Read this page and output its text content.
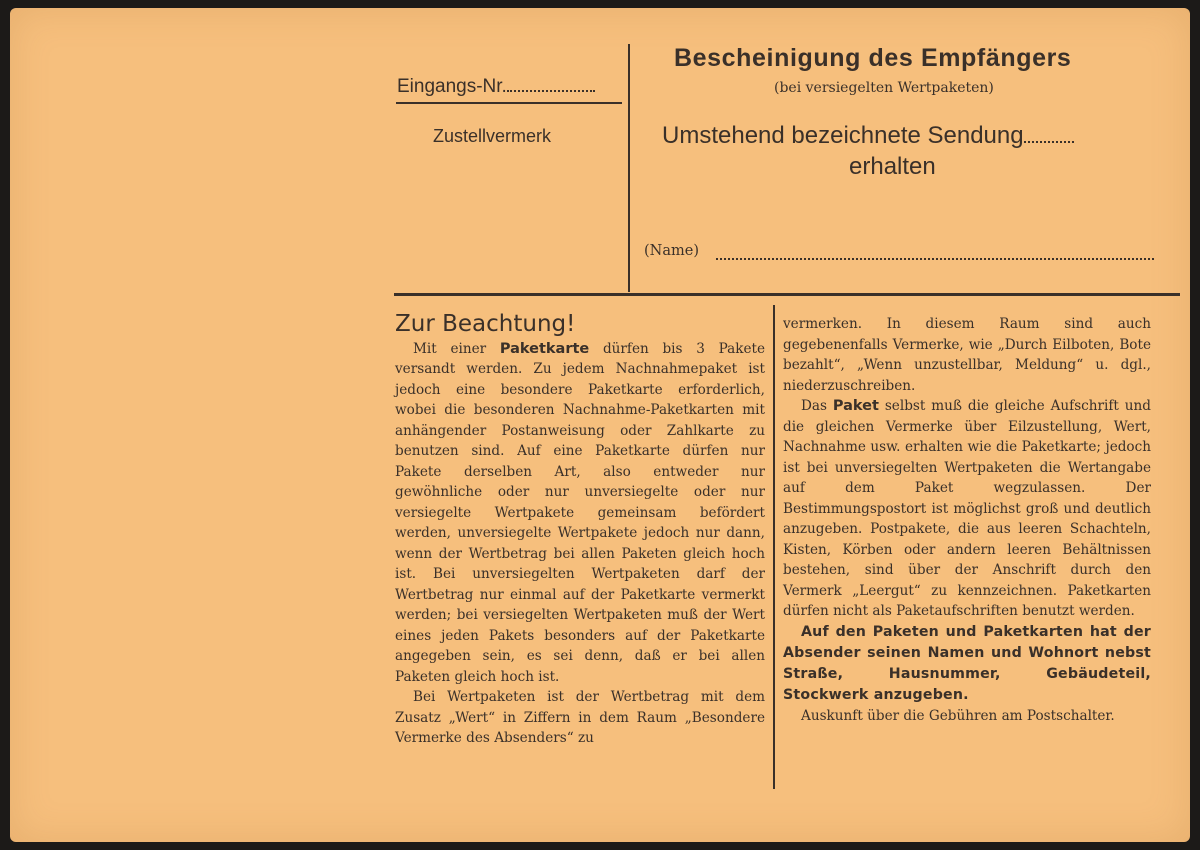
Eingangs-Nr.
Zustellvermerk
Bescheinigung des Empfängers
(bei versiegelten Wertpaketen)
Umstehend bezeichnete Sendung
erhalten
(Name)
Zur Beachtung!

Mit einer Paketkarte dürfen bis 3 Pakete versandt werden. Zu jedem Nachnahmepaket ist jedoch eine besondere Paketkarte erforderlich, wobei die besonderen Nachnahme-Paketkarten mit anhängender Postanweisung oder Zahlkarte zu benutzen sind. Auf eine Paketkarte dürfen nur Pakete derselben Art, also entweder nur gewöhnliche oder nur unversiegelte oder nur versiegelte Wertpakete gemeinsam befördert werden, unversiegelte Wertpakete jedoch nur dann, wenn der Wertbetrag bei allen Paketen gleich hoch ist. Bei unversiegelten Wertpaketen darf der Wertbetrag nur einmal auf der Paketkarte vermerkt werden; bei versiegelten Wertpaketen muß der Wert eines jeden Pakets besonders auf der Paketkarte angegeben sein, es sei denn, daß er bei allen Paketen gleich hoch ist.

Bei Wertpaketen ist der Wertbetrag mit dem Zusatz „Wert“ in Ziffern in dem Raum „Besondere Vermerke des Absenders“ zu

vermerken. In diesem Raum sind auch gegebenenfalls Vermerke, wie „Durch Eilboten, Bote bezahlt“, „Wenn unzustellbar, Meldung“ u. dgl., niederzuschreiben.

Das Paket selbst muß die gleiche Aufschrift und die gleichen Vermerke über Eilzustellung, Wert, Nachnahme usw. erhalten wie die Paketkarte; jedoch ist bei unversiegelten Wertpaketen die Wertangabe auf dem Paket wegzulassen. Der Bestimmungspostort ist möglichst groß und deutlich anzugeben. Postpakete, die aus leeren Schachteln, Kisten, Körben oder andern leeren Behältnissen bestehen, sind über der Anschrift durch den Vermerk „Leergut“ zu kennzeichnen. Paketkarten dürfen nicht als Paketaufschriften benutzt werden.

Auf den Paketen und Paketkarten hat der Absender seinen Namen und Wohnort nebst Straße, Hausnummer, Gebäudeteil, Stockwerk anzugeben.

Auskunft über die Gebühren am Postschalter.
